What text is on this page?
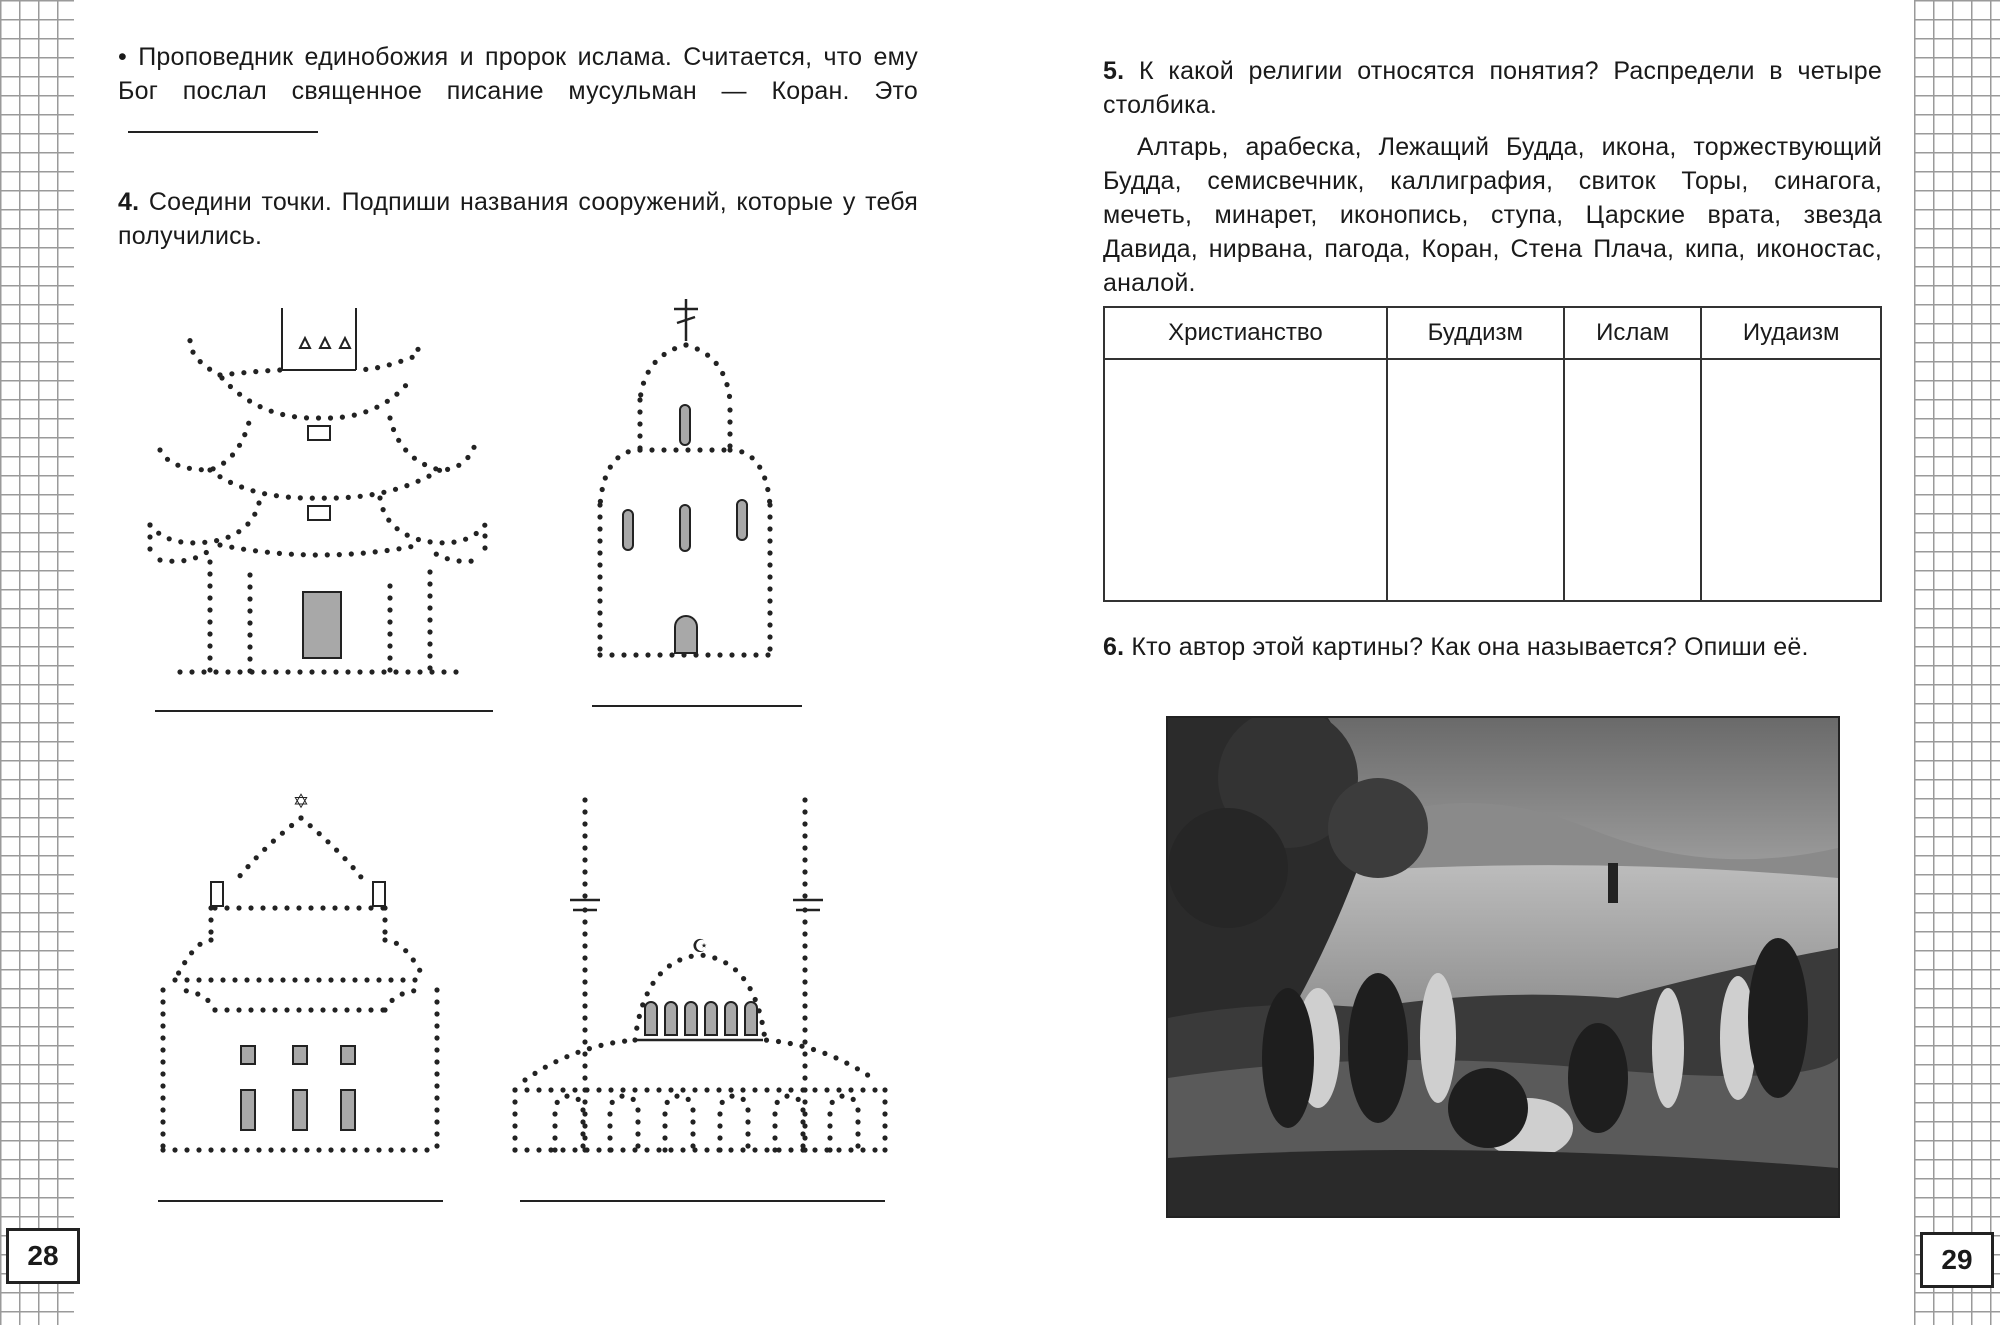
28	29
• Проповедник единобожия и пророк ислама. Считается, что ему Бог послал священное писание мусульман — Коран. Это
4. Соедини точки. Подпиши названия сооружений, которые у тебя получились.
✡
☪
5. К какой религии относятся понятия? Распредели в четыре столбика.
Алтарь, арабеска, Лежащий Будда, икона, торжествующий Будда, семисвечник, каллиграфия, свиток Торы, синагога, мечеть, минарет, иконопись, ступа, Царские врата, звезда Давида, нирвана, пагода, Коран, Стена Плача, кипа, иконостас, аналой.
Христианство	Буддизм	Ислам	Иудаизм

6. Кто автор этой картины? Как она называется? Опиши её.
